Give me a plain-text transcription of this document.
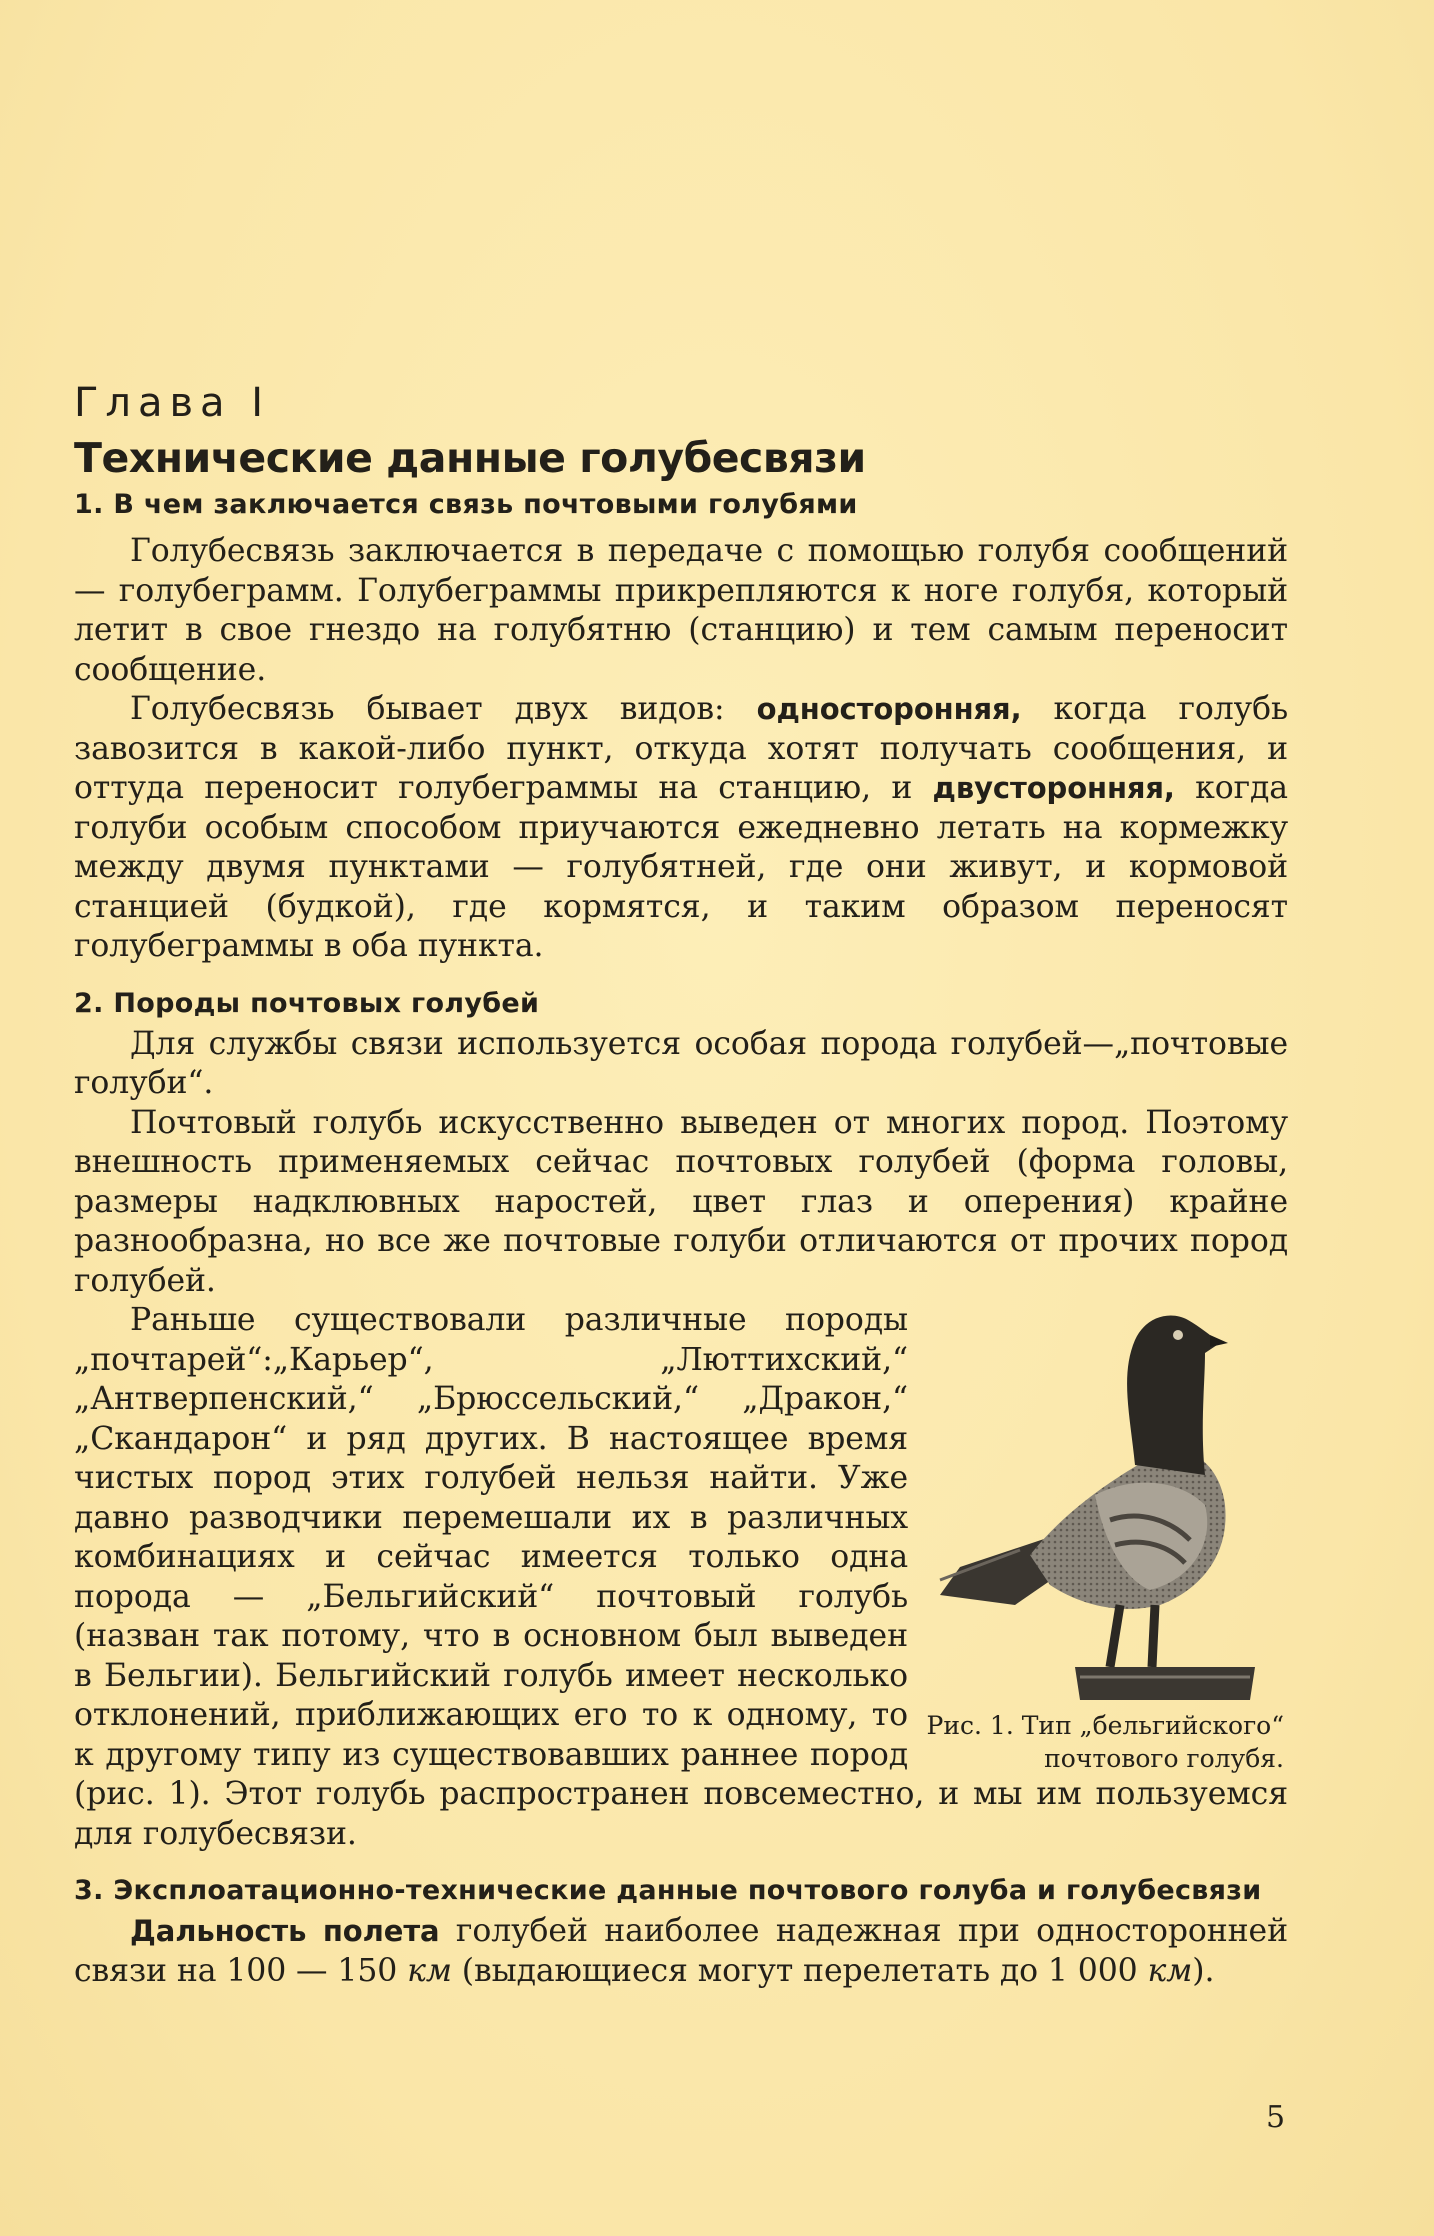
Глава I
Технические данные голубесвязи
1. В чем заключается связь почтовыми голубями

Голубесвязь заключается в передаче с помощью голубя сообщений — голубеграмм. Голубеграммы прикрепляются к ноге голубя, который летит в свое гнездо на голубятню (станцию) и тем самым переносит сообщение.

Голубесвязь бывает двух видов: односторонняя, когда голубь завозится в какой-либо пункт, откуда хотят получать сообщения, и оттуда переносит голубеграммы на станцию, и двусторонняя, когда голуби особым способом приучаются ежедневно летать на кормежку между двумя пунктами — голубятней, где они живут, и кормовой станцией (будкой), где кормятся, и таким образом переносят голубеграммы в оба пункта.

2. Породы почтовых голубей

Для службы связи используется особая порода голубей—„почтовые голуби“.

Почтовый голубь искусственно выведен от многих пород. Поэтому внешность применяемых сейчас почтовых голубей (форма головы, размеры надклювных наростей, цвет глаз и оперения) крайне разнообразна, но все же почтовые голуби отличаются от прочих пород голубей.

Рис. 1. Тип „бельгийского“ почтового голубя.

Раньше существовали различные породы „почтарей“:„Карьер“, „Люттихский,“ „Антверпенский,“ „Брюссельский,“ „Дракон,“ „Скандарон“ и ряд других. В настоящее время чистых пород этих голубей нельзя найти. Уже давно разводчики перемешали их в различных комбинациях и сейчас имеется только одна порода — „Бельгийский“ почтовый голубь (назван так потому, что в основном был выведен в Бельгии). Бельгийский голубь имеет несколько отклонений, приближающих его то к одному, то к другому типу из существовавших раннее пород (рис. 1). Этот голубь распространен повсеместно, и мы им пользуемся для голубесвязи.

3. Эксплоатационно-технические данные почтового голуба и голубесвязи

Дальность полета голубей наиболее надежная при односторонней связи на 100 — 150 км (выдающиеся могут перелетать до 1 000 км).

5
